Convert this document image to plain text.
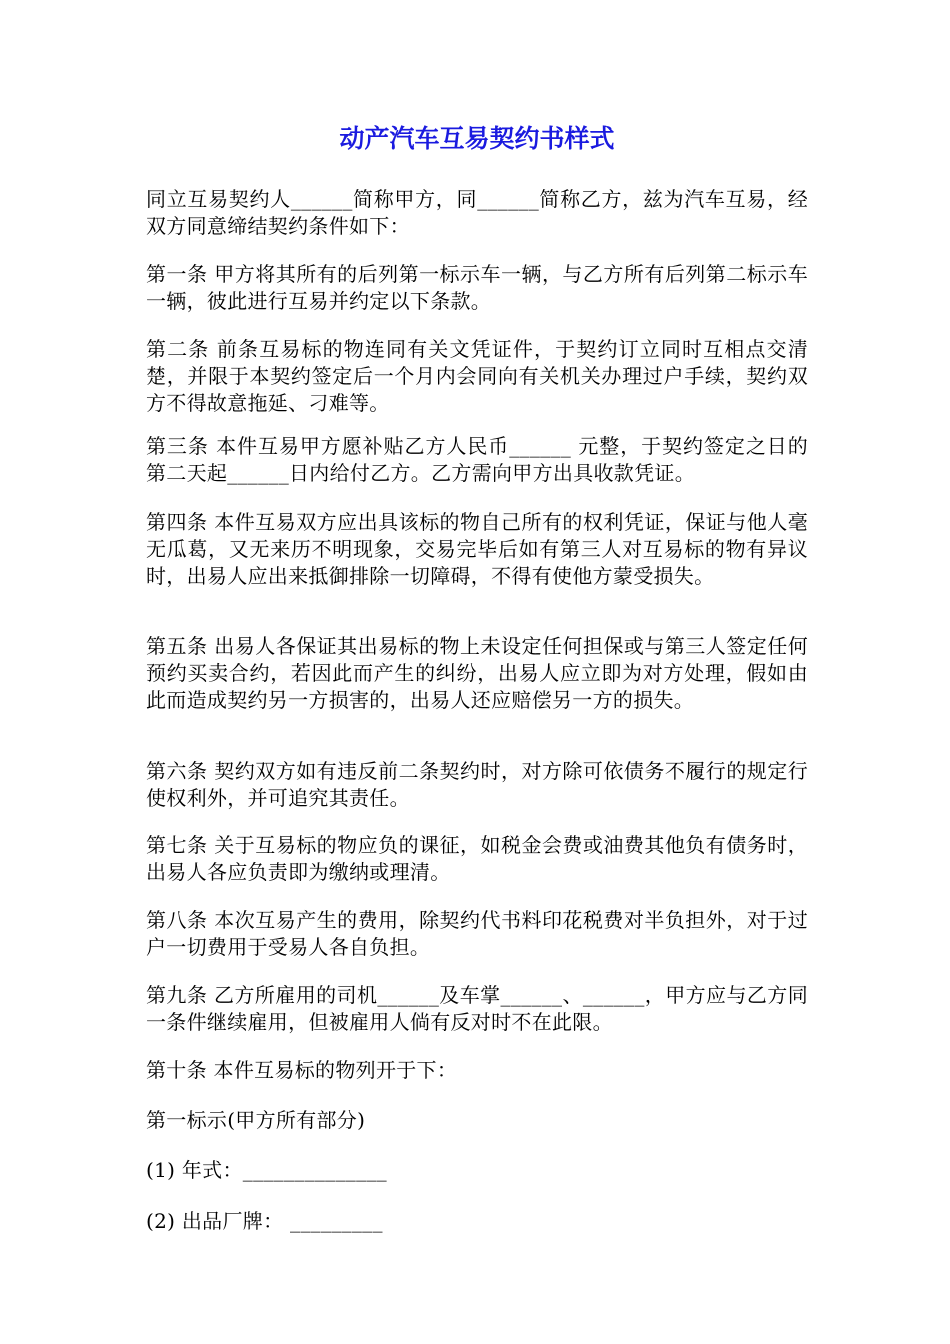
动产汽车互易契约书样式

同立互易契约人______简称甲方，同______简称乙方，兹为汽车互易，经双方同意缔结契约条件如下：

第一条 甲方将其所有的后列第一标示车一辆，与乙方所有后列第二标示车一辆，彼此进行互易并约定以下条款。

第二条 前条互易标的物连同有关文凭证件，于契约订立同时互相点交清楚，并限于本契约签定后一个月内会同向有关机关办理过户手续，契约双方不得故意拖延、刁难等。

第三条 本件互易甲方愿补贴乙方人民币______ 元整，于契约签定之日的第二天起______日内给付乙方。乙方需向甲方出具收款凭证。

第四条 本件互易双方应出具该标的物自己所有的权利凭证，保证与他人毫无瓜葛，又无来历不明现象，交易完毕后如有第三人对互易标的物有异议时，出易人应出来抵御排除一切障碍，不得有使他方蒙受损失。

第五条 出易人各保证其出易标的物上未设定任何担保或与第三人签定任何预约买卖合约，若因此而产生的纠纷，出易人应立即为对方处理，假如由此而造成契约另一方损害的，出易人还应赔偿另一方的损失。

第六条 契约双方如有违反前二条契约时，对方除可依债务不履行的规定行使权利外，并可追究其责任。

第七条 关于互易标的物应负的课征，如税金会费或油费其他负有债务时，出易人各应负责即为缴纳或理清。

第八条 本次互易产生的费用，除契约代书料印花税费对半负担外，对于过户一切费用于受易人各自负担。

第九条 乙方所雇用的司机______及车掌______、______，甲方应与乙方同一条件继续雇用，但被雇用人倘有反对时不在此限。

第十条 本件互易标的物列开于下：

第一标示(甲方所有部分)

(1) 年式：______________

(2) 出品厂牌： _________
